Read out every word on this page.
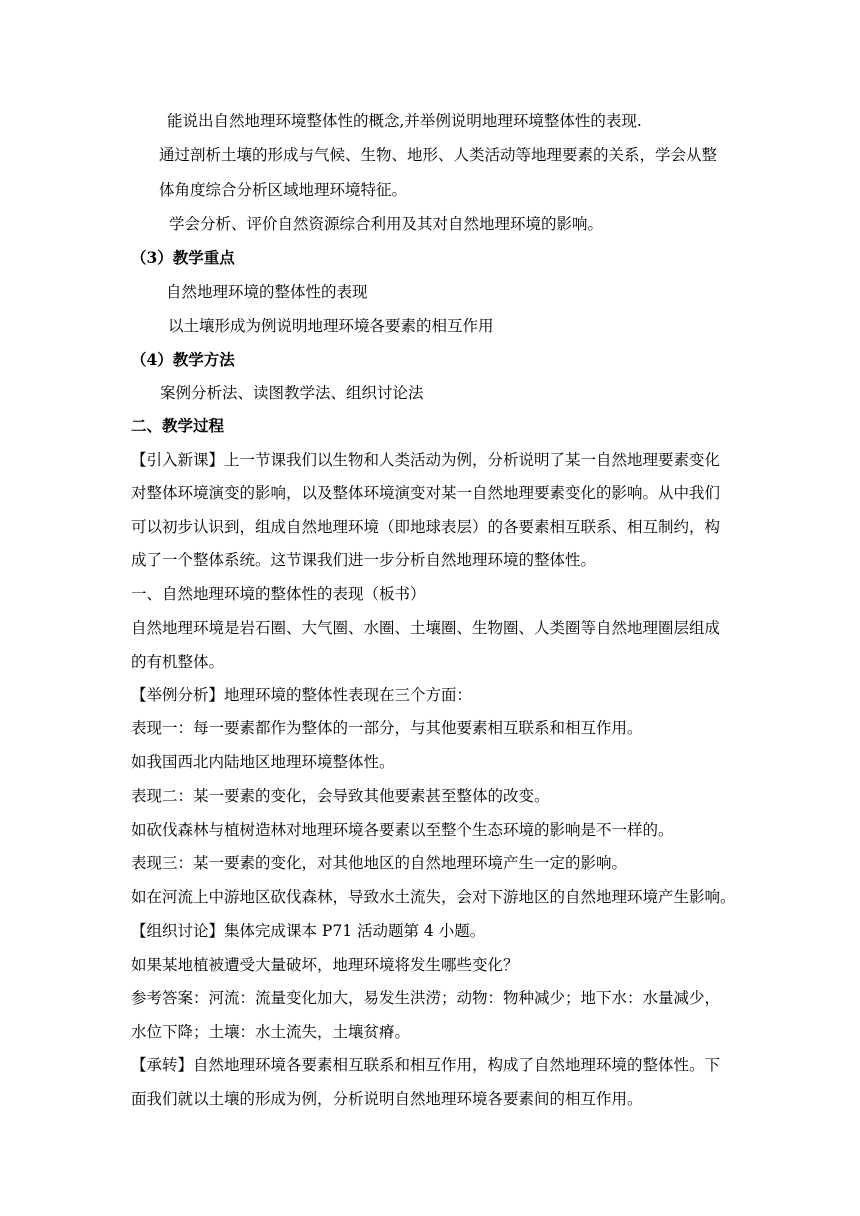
能说出自然地理环境整体性的概念,并举例说明地理环境整体性的表现.
通过剖析土壤的形成与气候、生物、地形、人类活动等地理要素的关系，学会从整
体角度综合分析区域地理环境特征。
学会分析、评价自然资源综合利用及其对自然地理环境的影响。
（3）教学重点
自然地理环境的整体性的表现
以土壤形成为例说明地理环境各要素的相互作用
（4）教学方法
案例分析法、读图教学法、组织讨论法
二、教学过程
【引入新课】上一节课我们以生物和人类活动为例，分析说明了某一自然地理要素变化
对整体环境演变的影响，以及整体环境演变对某一自然地理要素变化的影响。从中我们
可以初步认识到，组成自然地理环境（即地球表层）的各要素相互联系、相互制约，构
成了一个整体系统。这节课我们进一步分析自然地理环境的整体性。
一、自然地理环境的整体性的表现（板书）
自然地理环境是岩石圈、大气圈、水圈、土壤圈、生物圈、人类圈等自然地理圈层组成
的有机整体。
【举例分析】地理环境的整体性表现在三个方面：
表现一：每一要素都作为整体的一部分，与其他要素相互联系和相互作用。
如我国西北内陆地区地理环境整体性。
表现二：某一要素的变化，会导致其他要素甚至整体的改变。
如砍伐森林与植树造林对地理环境各要素以至整个生态环境的影响是不一样的。
表现三：某一要素的变化，对其他地区的自然地理环境产生一定的影响。
如在河流上中游地区砍伐森林，导致水土流失，会对下游地区的自然地理环境产生影响。
【组织讨论】集体完成课本 P71 活动题第 4 小题。
如果某地植被遭受大量破坏，地理环境将发生哪些变化？
参考答案：河流：流量变化加大，易发生洪涝；动物：物种减少；地下水：水量减少，
水位下降；土壤：水土流失，土壤贫瘠。
【承转】自然地理环境各要素相互联系和相互作用，构成了自然地理环境的整体性。下
面我们就以土壤的形成为例，分析说明自然地理环境各要素间的相互作用。
